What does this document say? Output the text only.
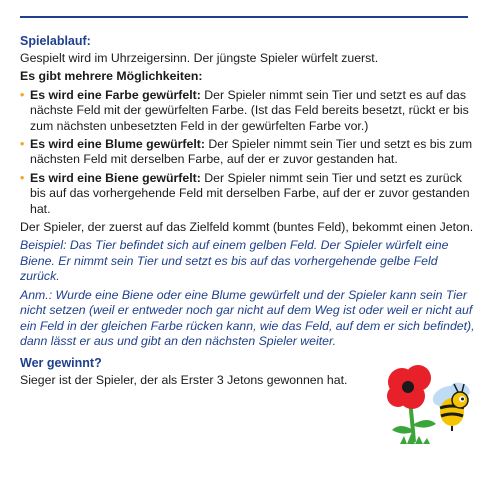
Spielablauf:

Gespielt wird im Uhrzeigersinn. Der jüngste Spieler würfelt zuerst.

Es gibt mehrere Möglichkeiten:

• Es wird eine Farbe gewürfelt: Der Spieler nimmt sein Tier und setzt es auf das nächste Feld mit der gewürfelten Farbe. (Ist das Feld bereits besetzt, rückt er bis zum nächsten unbesetzten Feld in der gewürfelten Farbe vor.)
• Es wird eine Blume gewürfelt: Der Spieler nimmt sein Tier und setzt es bis zum nächsten Feld mit derselben Farbe, auf der er zuvor gestanden hat.
• Es wird eine Biene gewürfelt: Der Spieler nimmt sein Tier und setzt es zurück bis auf das vorhergehende Feld mit derselben Farbe, auf der er zuvor gestanden hat.

Der Spieler, der zuerst auf das Zielfeld kommt (buntes Feld), bekommt einen Jeton.

Beispiel: Das Tier befindet sich auf einem gelben Feld. Der Spieler würfelt eine Biene. Er nimmt sein Tier und setzt es bis auf das vorhergehende gelbe Feld zurück.

Anm.: Wurde eine Biene oder eine Blume gewürfelt und der Spieler kann sein Tier nicht setzen (weil er entweder noch gar nicht auf dem Weg ist oder weil er nicht auf ein Feld in der gleichen Farbe rücken kann, wie das Feld, auf dem er sich befindet), dann lässt er aus und gibt an den nächsten Spieler weiter.

Wer gewinnt?

Sieger ist der Spieler, der als Erster 3 Jetons gewonnen hat.
